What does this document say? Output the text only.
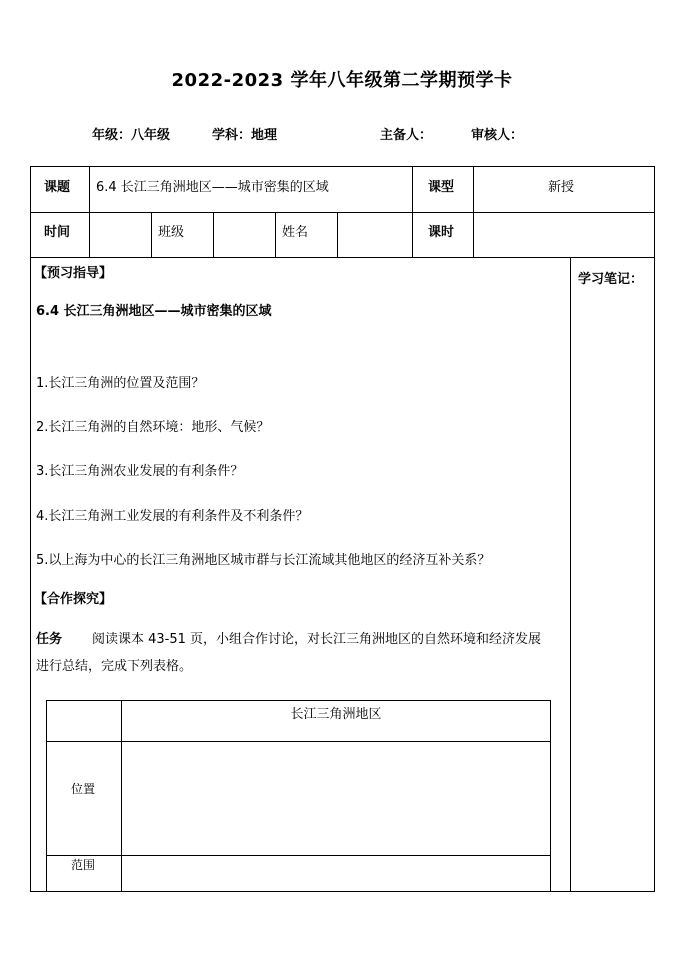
2022-2023 学年八年级第二学期预学卡
年级：八年级	学科：地理	主备人：	审核人：
课题 6.4 长江三角洲地区——城市密集的区域	课型	新授
时间	班级	姓名	课时
学习笔记：
【预习指导】
6.4 长江三角洲地区——城市密集的区域
1.长江三角洲的位置及范围？
2.长江三角洲的自然环境：地形、气候？
3.长江三角洲农业发展的有利条件？
4.长江三角洲工业发展的有利条件及不利条件？
5.以上海为中心的长江三角洲地区城市群与长江流域其他地区的经济互补关系？
【合作探究】
任务 阅读课本 43-51 页，小组合作讨论，对长江三角洲地区的自然环境和经济发展
进行总结，完成下列表格。
长江三角洲地区
位置
范围
